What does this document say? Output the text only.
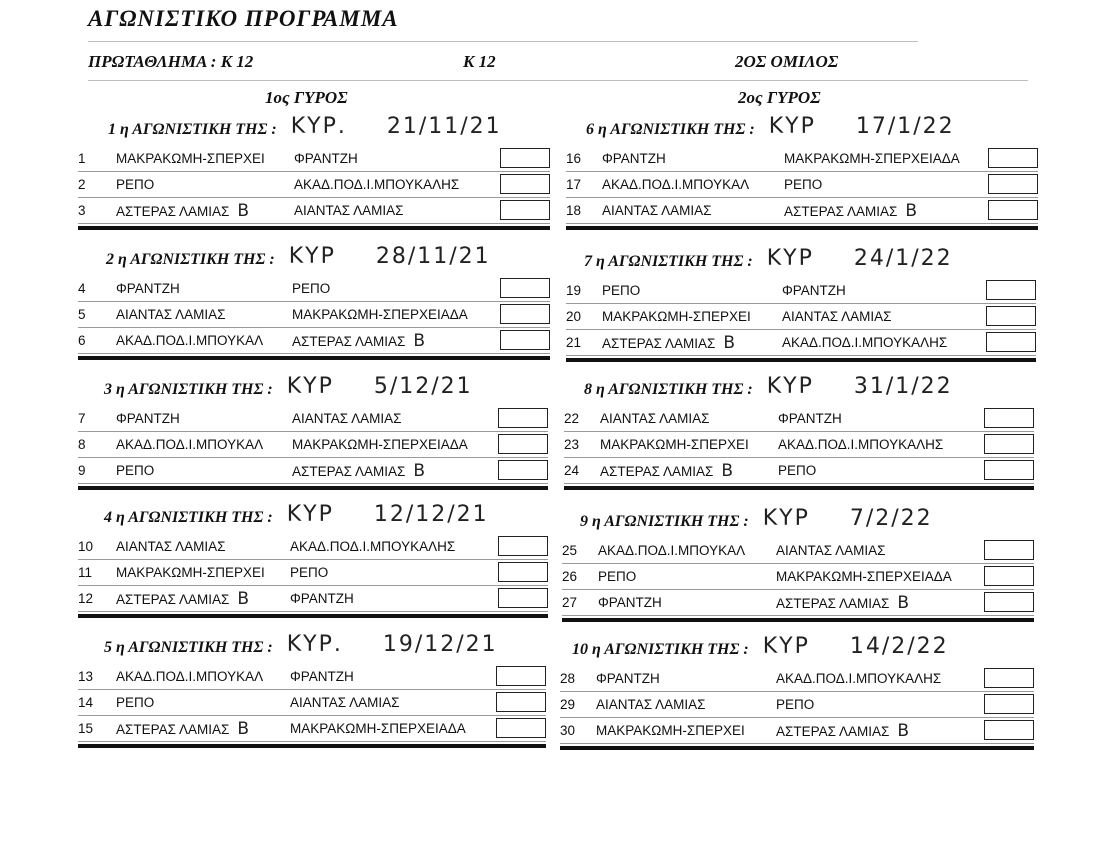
ΑΓΩΝΙΣΤΙΚΟ ΠΡΟΓΡΑΜΜΑ
ΠΡΩΤΑΘΛΗΜΑ : Κ 12	Κ 12	2ΟΣ ΟΜΙΛΟΣ
1ος ΓΥΡΟΣ	2ος ΓΥΡΟΣ
1 η ΑΓΩΝΙΣΤΙΚΗ ΤΗΣ : ΚΥΡ. 21/11/21
1 ΜΑΚΡΑΚΩΜΗ-ΣΠΕΡΧΕΙ ΦΡΑΝΤΖΗ
2 ΡΕΠΟ	ΑΚΑΔ.ΠΟΔ.Ι.ΜΠΟΥΚΑΛΗΣ
3 ΑΣΤΕΡΑΣ ΛΑΜΙΑΣ B	ΑΙΑΝΤΑΣ ΛΑΜΙΑΣ
2 η ΑΓΩΝΙΣΤΙΚΗ ΤΗΣ : ΚΥΡ 28/11/21
4 ΦΡΑΝΤΖΗ	ΡΕΠΟ
5 ΑΙΑΝΤΑΣ ΛΑΜΙΑΣ	ΜΑΚΡΑΚΩΜΗ-ΣΠΕΡΧΕΙΑΔΑ
6 ΑΚΑΔ.ΠΟΔ.Ι.ΜΠΟΥΚΑΛ ΑΣΤΕΡΑΣ ΛΑΜΙΑΣ B
3 η ΑΓΩΝΙΣΤΙΚΗ ΤΗΣ : ΚΥΡ 5/12/21
7 ΦΡΑΝΤΖΗ	ΑΙΑΝΤΑΣ ΛΑΜΙΑΣ
8 ΑΚΑΔ.ΠΟΔ.Ι.ΜΠΟΥΚΑΛ ΜΑΚΡΑΚΩΜΗ-ΣΠΕΡΧΕΙΑΔΑ
9 ΡΕΠΟ	ΑΣΤΕΡΑΣ ΛΑΜΙΑΣ B
4 η ΑΓΩΝΙΣΤΙΚΗ ΤΗΣ : ΚΥΡ 12/12/21
10 ΑΙΑΝΤΑΣ ΛΑΜΙΑΣ	ΑΚΑΔ.ΠΟΔ.Ι.ΜΠΟΥΚΑΛΗΣ
11 ΜΑΚΡΑΚΩΜΗ-ΣΠΕΡΧΕΙ ΡΕΠΟ
12 ΑΣΤΕΡΑΣ ΛΑΜΙΑΣ B	ΦΡΑΝΤΖΗ
5 η ΑΓΩΝΙΣΤΙΚΗ ΤΗΣ : ΚΥΡ. 19/12/21
13 ΑΚΑΔ.ΠΟΔ.Ι.ΜΠΟΥΚΑΛ ΦΡΑΝΤΖΗ
14 ΡΕΠΟ	ΑΙΑΝΤΑΣ ΛΑΜΙΑΣ
15 ΑΣΤΕΡΑΣ ΛΑΜΙΑΣ B	ΜΑΚΡΑΚΩΜΗ-ΣΠΕΡΧΕΙΑΔΑ
6 η ΑΓΩΝΙΣΤΙΚΗ ΤΗΣ : ΚΥΡ 17/1/22
16 ΦΡΑΝΤΖΗ	ΜΑΚΡΑΚΩΜΗ-ΣΠΕΡΧΕΙΑΔΑ
17 ΑΚΑΔ.ΠΟΔ.Ι.ΜΠΟΥΚΑΛ	ΡΕΠΟ
18 ΑΙΑΝΤΑΣ ΛΑΜΙΑΣ	ΑΣΤΕΡΑΣ ΛΑΜΙΑΣ B
7 η ΑΓΩΝΙΣΤΙΚΗ ΤΗΣ : ΚΥΡ 24/1/22
19 ΡΕΠΟ	ΦΡΑΝΤΖΗ
20 ΜΑΚΡΑΚΩΜΗ-ΣΠΕΡΧΕΙ ΑΙΑΝΤΑΣ ΛΑΜΙΑΣ
21 ΑΣΤΕΡΑΣ ΛΑΜΙΑΣ B	ΑΚΑΔ.ΠΟΔ.Ι.ΜΠΟΥΚΑΛΗΣ
8 η ΑΓΩΝΙΣΤΙΚΗ ΤΗΣ : ΚΥΡ 31/1/22
22 ΑΙΑΝΤΑΣ ΛΑΜΙΑΣ	ΦΡΑΝΤΖΗ
23 ΜΑΚΡΑΚΩΜΗ-ΣΠΕΡΧΕΙ ΑΚΑΔ.ΠΟΔ.Ι.ΜΠΟΥΚΑΛΗΣ
24 ΑΣΤΕΡΑΣ ΛΑΜΙΑΣ B	ΡΕΠΟ
9 η ΑΓΩΝΙΣΤΙΚΗ ΤΗΣ : ΚΥΡ 7/2/22
25 ΑΚΑΔ.ΠΟΔ.Ι.ΜΠΟΥΚΑΛ ΑΙΑΝΤΑΣ ΛΑΜΙΑΣ
26 ΡΕΠΟ	ΜΑΚΡΑΚΩΜΗ-ΣΠΕΡΧΕΙΑΔΑ
27 ΦΡΑΝΤΖΗ	ΑΣΤΕΡΑΣ ΛΑΜΙΑΣ B
10 η ΑΓΩΝΙΣΤΙΚΗ ΤΗΣ : ΚΥΡ 14/2/22
28 ΦΡΑΝΤΖΗ	ΑΚΑΔ.ΠΟΔ.Ι.ΜΠΟΥΚΑΛΗΣ
29 ΑΙΑΝΤΑΣ ΛΑΜΙΑΣ	ΡΕΠΟ
30 ΜΑΚΡΑΚΩΜΗ-ΣΠΕΡΧΕΙ ΑΣΤΕΡΑΣ ΛΑΜΙΑΣ B
